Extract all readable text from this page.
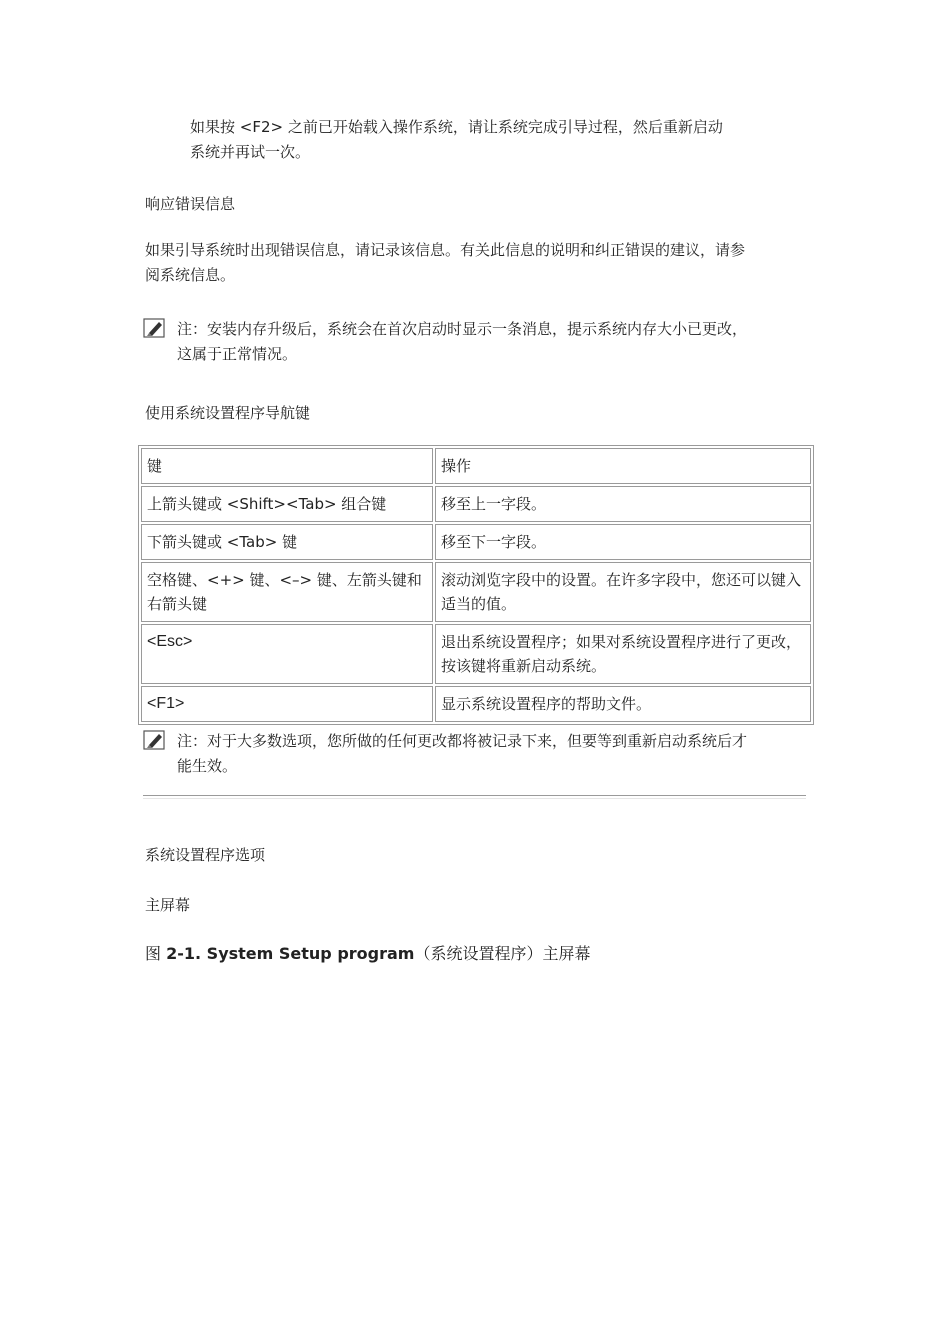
如果按 <F2> 之前已开始载入操作系统，请让系统完成引导过程，然后重新启动
系统并再试一次。
响应错误信息
如果引导系统时出现错误信息，请记录该信息。有关此信息的说明和纠正错误的建议，请参
阅系统信息。
注：安装内存升级后，系统会在首次启动时显示一条消息，提示系统内存大小已更改，
这属于正常情况。
使用系统设置程序导航键
键	操作
上箭头键或 <Shift><Tab> 组合键	移至上一字段。
下箭头键或 <Tab> 键	移至下一字段。
空格键、<+> 键、<–> 键、左箭头键和右箭头键	滚动浏览字段中的设置。在许多字段中，您还可以键入适当的值。
<Esc>	退出系统设置程序；如果对系统设置程序进行了更改，按该键将重新启动系统。
<F1>	显示系统设置程序的帮助文件。
注：对于大多数选项，您所做的任何更改都将被记录下来，但要等到重新启动系统后才
能生效。
系统设置程序选项
主屏幕
图 2-1. System Setup program（系统设置程序）主屏幕
